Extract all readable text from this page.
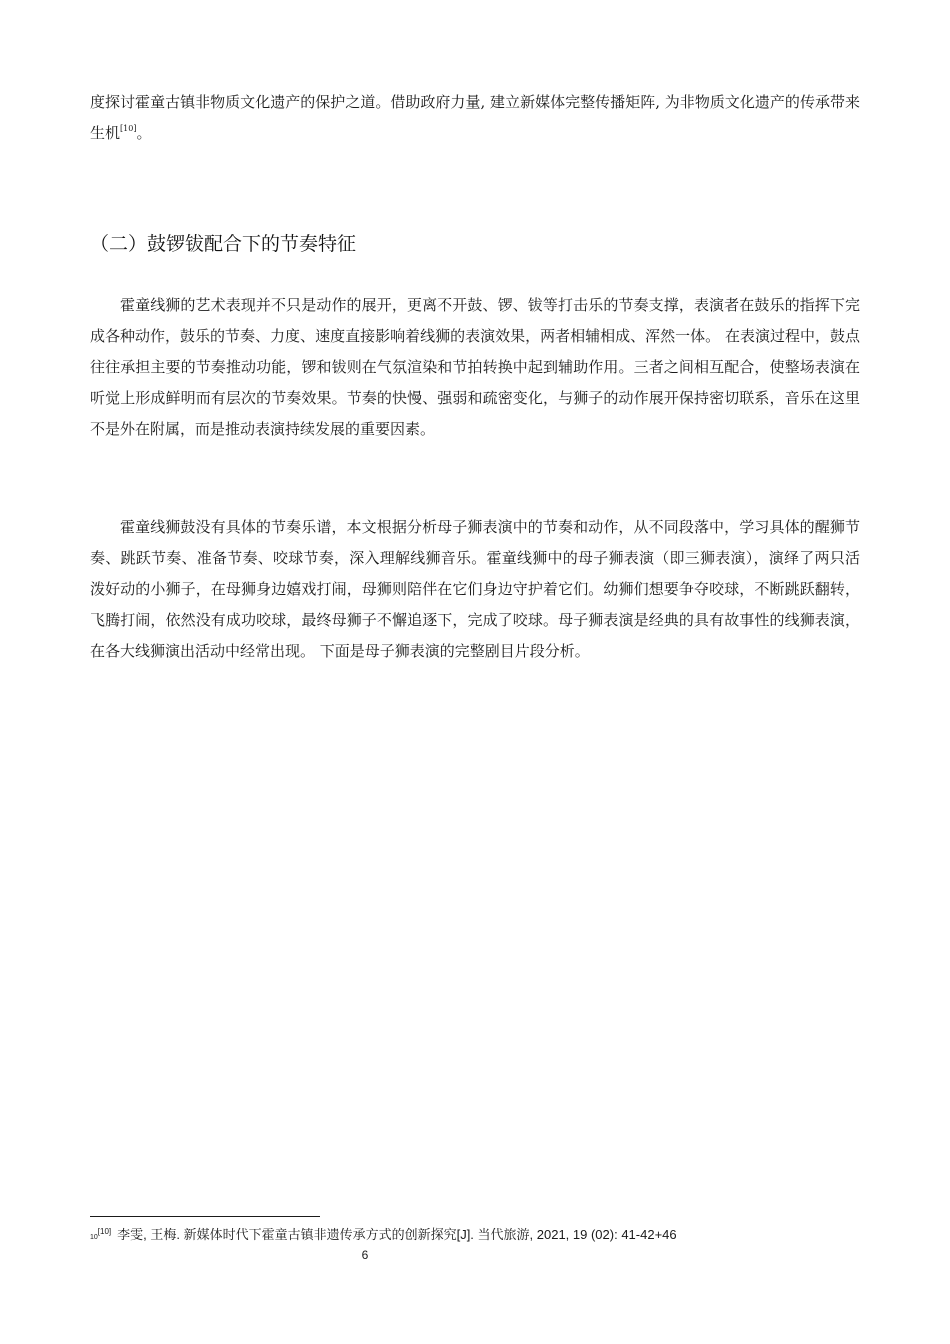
度探讨霍童古镇非物质文化遗产的保护之道。借助政府力量, 建立新媒体完整传播矩阵, 为非物质文化遗产的传承带来生机[10]。

（二）鼓锣钹配合下的节奏特征

霍童线狮的艺术表现并不只是动作的展开，更离不开鼓、锣、钹等打击乐的节奏支撑，表演者在鼓乐的指挥下完成各种动作，鼓乐的节奏、力度、速度直接影响着线狮的表演效果，两者相辅相成、浑然一体。 在表演过程中，鼓点往往承担主要的节奏推动功能，锣和钹则在气氛渲染和节拍转换中起到辅助作用。三者之间相互配合，使整场表演在听觉上形成鲜明而有层次的节奏效果。节奏的快慢、强弱和疏密变化，与狮子的动作展开保持密切联系，音乐在这里不是外在附属，而是推动表演持续发展的重要因素。

霍童线狮鼓没有具体的节奏乐谱，本文根据分析母子狮表演中的节奏和动作，从不同段落中，学习具体的醒狮节奏、跳跃节奏、准备节奏、咬球节奏，深入理解线狮音乐。霍童线狮中的母子狮表演（即三狮表演），演绎了两只活泼好动的小狮子，在母狮身边嬉戏打闹，母狮则陪伴在它们身边守护着它们。幼狮们想要争夺咬球，不断跳跃翻转，飞腾打闹，依然没有成功咬球，最终母狮子不懈追逐下，完成了咬球。母子狮表演是经典的具有故事性的线狮表演，在各大线狮演出活动中经常出现。 下面是母子狮表演的完整剧目片段分析。

10[10] 李雯, 王梅. 新媒体时代下霍童古镇非遗传承方式的创新探究[J]. 当代旅游, 2021, 19 (02): 41-42+46

6
